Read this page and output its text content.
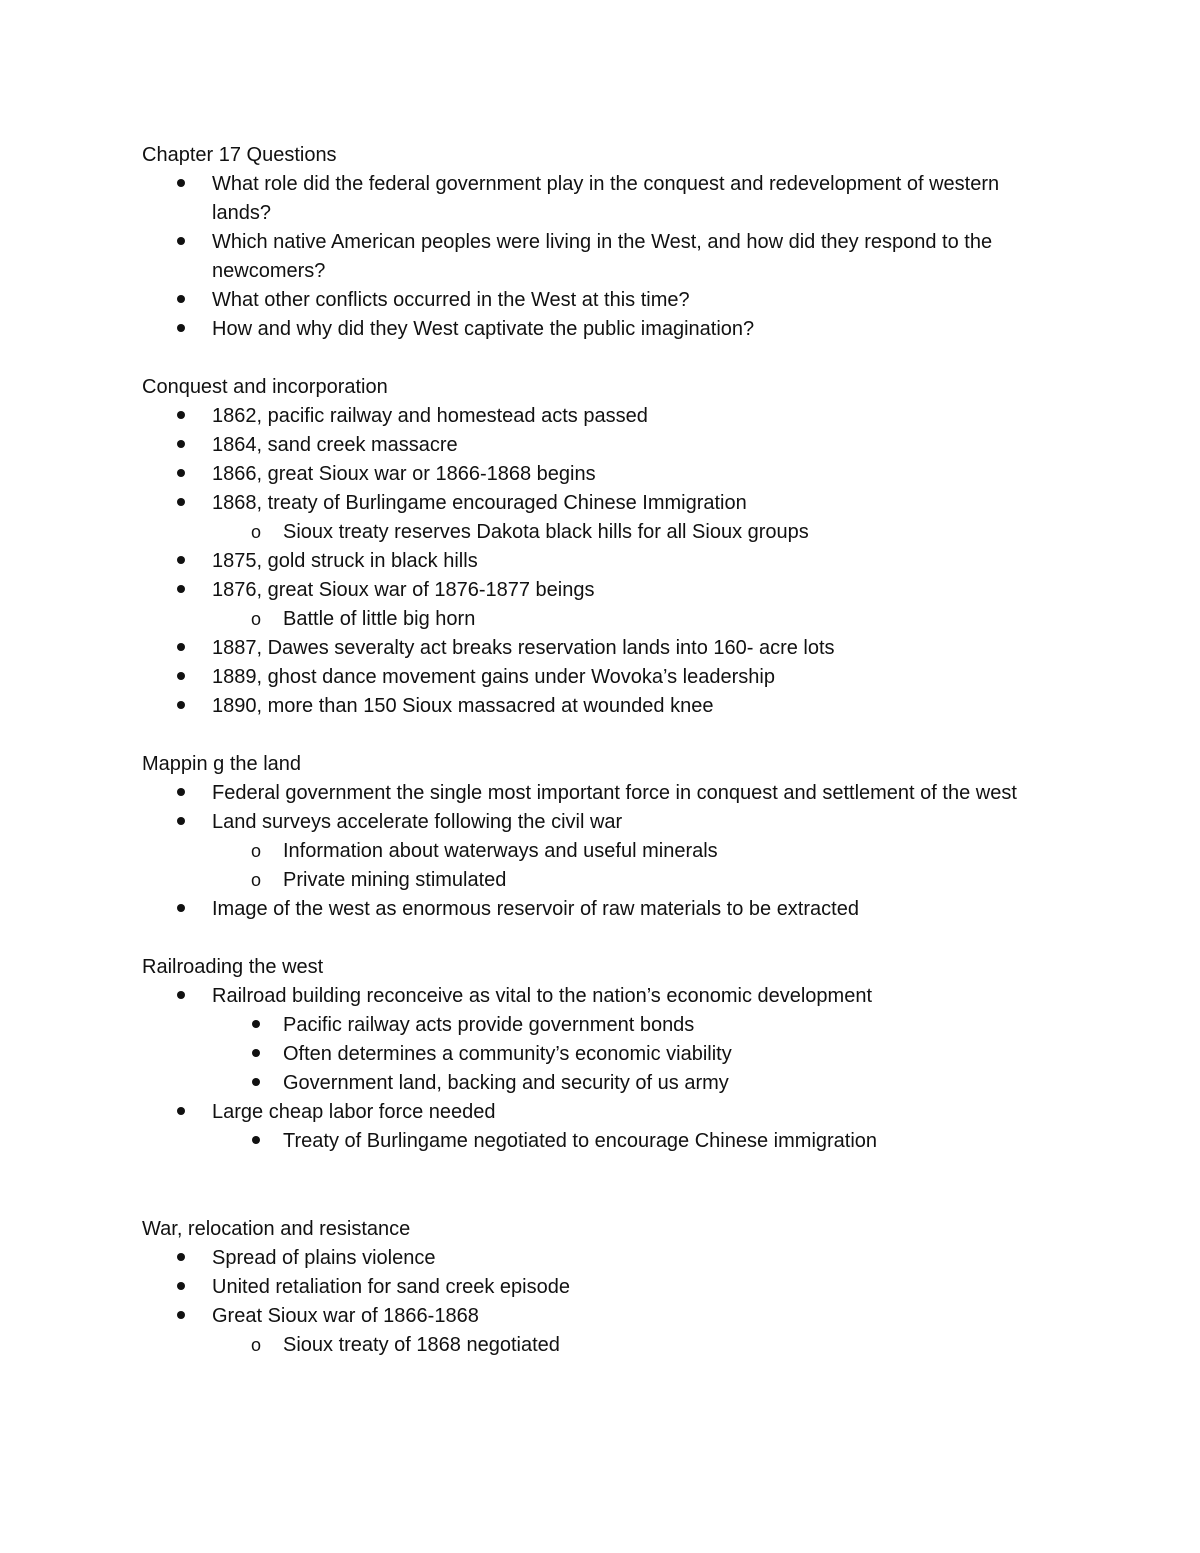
Chapter 17 Questions
What role did the federal government play in the conquest and redevelopment of western lands?
Which native American peoples were living in the West, and how did they respond to the newcomers?
What other conflicts occurred in the West at this time?
How and why did they West captivate the public imagination?
Conquest and incorporation
1862, pacific railway and homestead acts passed
1864, sand creek massacre
1866, great Sioux war or 1866-1868 begins
1868, treaty of Burlingame encouraged Chinese Immigration
o Sioux treaty reserves Dakota black hills for all Sioux groups
1875, gold struck in black hills
1876, great Sioux war of 1876-1877 beings
o Battle of little big horn
1887, Dawes severalty act breaks reservation lands into 160- acre lots
1889, ghost dance movement gains under Wovoka’s leadership
1890, more than 150 Sioux massacred at wounded knee
Mappin g the land
Federal government the single most important force in conquest and settlement of the west
Land surveys accelerate following the civil war
o Information about waterways and useful minerals
o Private mining stimulated
Image of the west as enormous reservoir of raw materials to be extracted
Railroading the west
Railroad building reconceive as vital to the nation’s economic development
Pacific railway acts provide government bonds
Often determines a community’s economic viability
Government land, backing and security of us army
Large cheap labor force needed
Treaty of Burlingame negotiated to encourage Chinese immigration
War, relocation and resistance
Spread of plains violence
United retaliation for sand creek episode
Great Sioux war of 1866-1868
o Sioux treaty of 1868 negotiated
